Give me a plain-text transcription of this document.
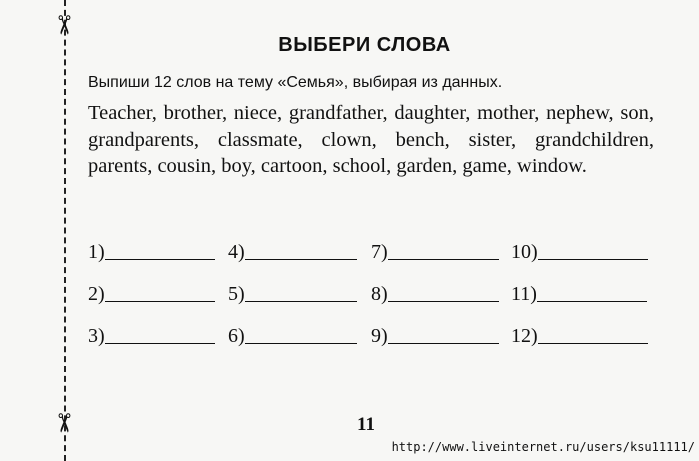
✂
✂
ВЫБЕРИ СЛОВА
Выпиши 12 слов на тему «Семья», выбирая из данных.
Teacher, brother, niece, grandfather, daughter, mother, nephew, son, grandparents, classmate, clown, bench, sister, grandchildren, parents, cousin, boy, cartoon, school, garden, game, window.
1)	4)	7)	10)
2)	5)	8)	11)
3)	6)	9)	12)
11
http://www.liveinternet.ru/users/ksu11111/
